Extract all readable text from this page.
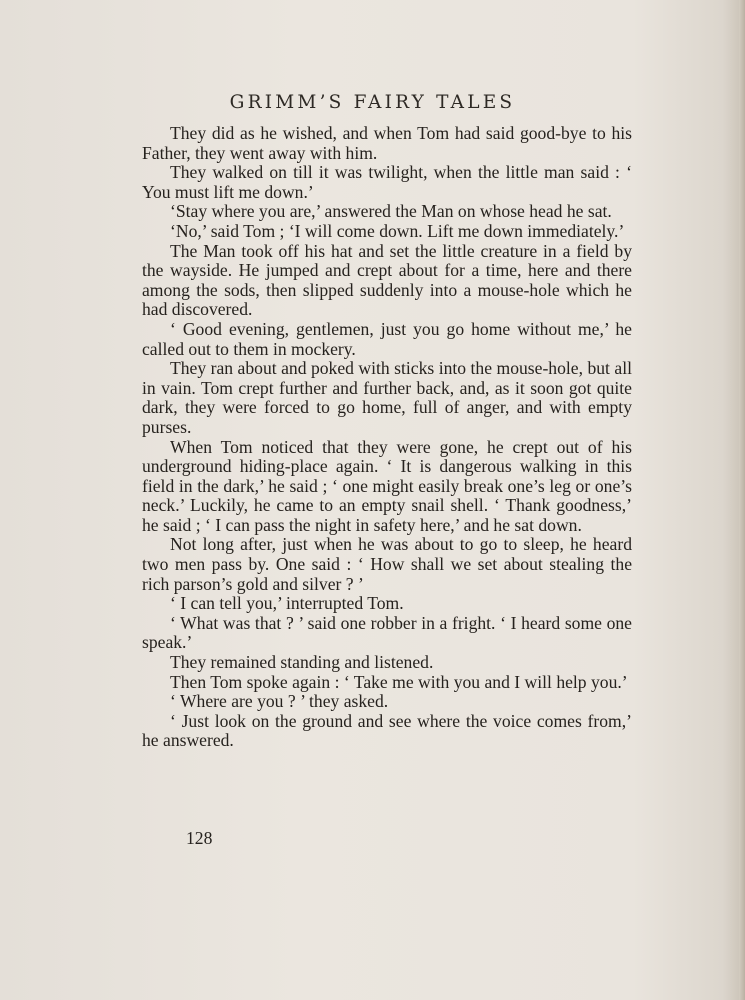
GRIMM’S FAIRY TALES

They did as he wished, and when Tom had said good-bye to his Father, they went away with him.

They walked on till it was twilight, when the little man said : ‘ You must lift me down.’

‘Stay where you are,’ answered the Man on whose head he sat.

‘No,’ said Tom ; ‘I will come down. Lift me down immediately.’

The Man took off his hat and set the little creature in a field by the wayside. He jumped and crept about for a time, here and there among the sods, then slipped suddenly into a mouse-hole which he had discovered.

‘ Good evening, gentlemen, just you go home without me,’ he called out to them in mockery.

They ran about and poked with sticks into the mouse-hole, but all in vain. Tom crept further and further back, and, as it soon got quite dark, they were forced to go home, full of anger, and with empty purses.

When Tom noticed that they were gone, he crept out of his underground hiding-place again. ‘ It is dangerous walking in this field in the dark,’ he said ; ‘ one might easily break one’s leg or one’s neck.’ Luckily, he came to an empty snail shell. ‘ Thank goodness,’ he said ; ‘ I can pass the night in safety here,’ and he sat down.

Not long after, just when he was about to go to sleep, he heard two men pass by. One said : ‘ How shall we set about stealing the rich parson’s gold and silver ? ’

‘ I can tell you,’ interrupted Tom.

‘ What was that ? ’ said one robber in a fright. ‘ I heard some one speak.’

They remained standing and listened.

Then Tom spoke again : ‘ Take me with you and I will help you.’

‘ Where are you ? ’ they asked.

‘ Just look on the ground and see where the voice comes from,’ he answered.

128
